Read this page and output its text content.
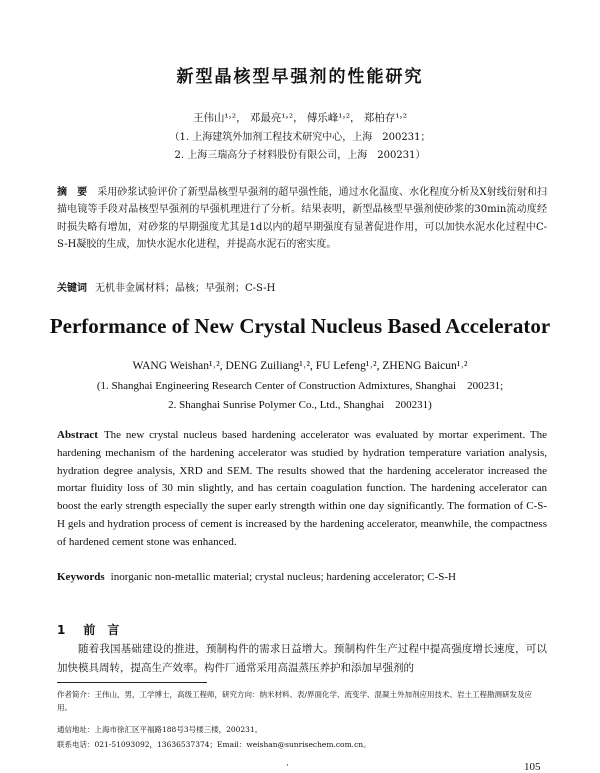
新型晶核型早强剂的性能研究
王伟山¹˒²， 邓最亮¹˒²， 傅乐峰¹˒²， 郑柏存¹˒²
（1. 上海建筑外加剂工程技术研究中心，上海　200231；
2. 上海三瑞高分子材料股份有限公司，上海　200231）
摘　要 采用砂浆试验评价了新型晶核型早强剂的超早强性能，通过水化温度、水化程度分析及X射线衍射和扫描电镜等手段对晶核型早强剂的早强机理进行了分析。结果表明，新型晶核型早强剂使砂浆的30min流动度经时损失略有增加，对砂浆的早期强度尤其是1d以内的超早期强度有显著促进作用，可以加快水泥水化过程中C-S-H凝胶的生成，加快水泥水化进程，并提高水泥石的密实度。
关键词 无机非金属材料；晶核；早强剂；C-S-H
Performance of New Crystal Nucleus Based Accelerator
WANG Weishan¹˒², DENG Zuiliang¹˒², FU Lefeng¹˒², ZHENG Baicun¹˒²
(1. Shanghai Engineering Research Center of Construction Admixtures, Shanghai　200231;
2. Shanghai Sunrise Polymer Co., Ltd., Shanghai　200231)
Abstract The new crystal nucleus based hardening accelerator was evaluated by mortar experiment. The hardening mechanism of the hardening accelerator was studied by hydration temperature variation analysis, hydration degree analysis, XRD and SEM. The results showed that the hardening accelerator increased the mortar fluidity loss of 30 min slightly, and has certain coagulation function. The hardening accelerator can boost the early strength especially the super early strength within one day significantly. The formation of C-S-H gels and hydration process of cement is increased by the hardening accelerator, meanwhile, the compactness of hardened cement stone was enhanced.
Keywords inorganic non-metallic material; crystal nucleus; hardening accelerator; C-S-H
1 前言
随着我国基础建设的推进，预制构件的需求日益增大。预制构件生产过程中提高强度增长速度，可以加快模具周转，提高生产效率。构件厂通常采用高温蒸压养护和添加早强剂的
作者简介：王伟山，男，工学博士，高级工程师，研究方向：纳米材料、表/界面化学、流变学、混凝土外加剂应用技术、岩土工程勘测研发及应用。
通信地址：上海市徐汇区平福路188号3号楼三楼，200231。
联系电话：021-51093092，13636537374；Email：weishan@sunrisechem.com.cn。
·	105
